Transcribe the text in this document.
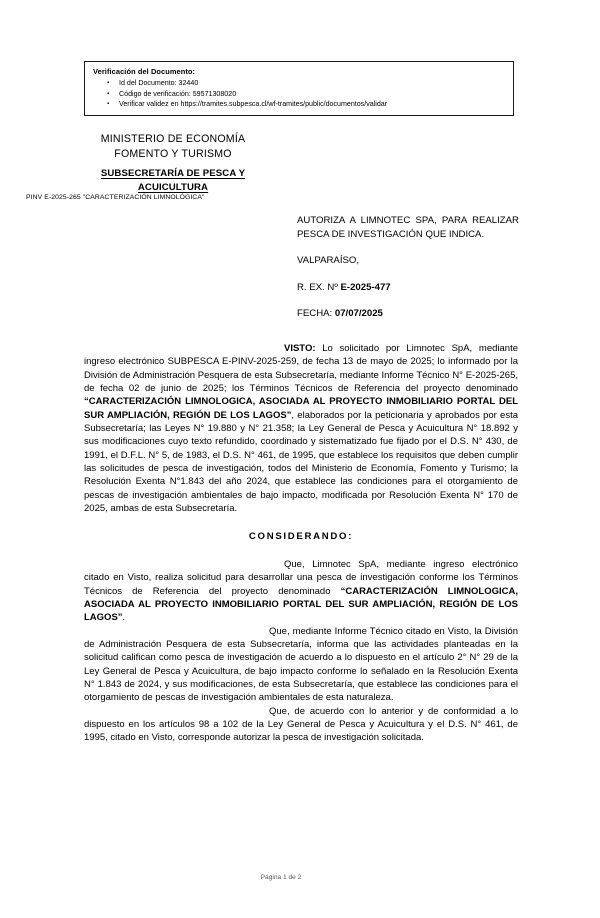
Verificación del Documento:
▪ Id del Documento: 32440
▪ Código de verificación: 59571308020
▪ Verificar validez en https://tramites.subpesca.cl/wf-tramites/public/documentos/validar
MINISTERIO DE ECONOMÍA
FOMENTO Y TURISMO
SUBSECRETARÍA DE PESCA Y
ACUICULTURA
PINV E-2025-265 "CARACTERIZACIÓN LIMNOLÓGICA"
AUTORIZA A LIMNOTEC SPA, PARA REALIZAR PESCA DE INVESTIGACIÓN QUE INDICA.
VALPARAÍSO,
R. EX. Nº E-2025-477
FECHA: 07/07/2025

VISTO: Lo solicitado por Limnotec SpA, mediante ingreso electrónico SUBPESCA E-PINV-2025-259, de fecha 13 de mayo de 2025; lo informado por la División de Administración Pesquera de esta Subsecretaría, mediante Informe Técnico N° E-2025-265, de fecha 02 de junio de 2025; los Términos Técnicos de Referencia del proyecto denominado “CARACTERIZACIÓN LIMNOLOGICA, ASOCIADA AL PROYECTO INMOBILIARIO PORTAL DEL SUR AMPLIACIÓN, REGIÓN DE LOS LAGOS”, elaborados por la peticionaria y aprobados por esta Subsecretaría; las Leyes N° 19.880 y N° 21.358; la Ley General de Pesca y Acuicultura N° 18.892 y sus modificaciones cuyo texto refundido, coordinado y sistematizado fue fijado por el D.S. N° 430, de 1991, el D.F.L. N° 5, de 1983, el D.S. N° 461, de 1995, que establece los requisitos que deben cumplir las solicitudes de pesca de investigación, todos del Ministerio de Economía, Fomento y Turismo; la Resolución Exenta N°1.843 del año 2024, que establece las condiciones para el otorgamiento de pescas de investigación ambientales de bajo impacto, modificada por Resolución Exenta N° 170 de 2025, ambas de esta Subsecretaría.

CONSIDERANDO:

Que, Limnotec SpA, mediante ingreso electrónico citado en Visto, realiza solicitud para desarrollar una pesca de investigación conforme los Términos Técnicos de Referencia del proyecto denominado “CARACTERIZACIÓN LIMNOLOGICA, ASOCIADA AL PROYECTO INMOBILIARIO PORTAL DEL SUR AMPLIACIÓN, REGIÓN DE LOS LAGOS”.

Que, mediante Informe Técnico citado en Visto, la División de Administración Pesquera de esta Subsecretaría, informa que las actividades planteadas en la solicitud califican como pesca de investigación de acuerdo a lo dispuesto en el artículo 2° N° 29 de la Ley General de Pesca y Acuicultura, de bajo impacto conforme lo señalado en la Resolución Exenta N° 1.843 de 2024, y sus modificaciones, de esta Subsecretaría, que establece las condiciones para el otorgamiento de pescas de investigación ambientales de esta naturaleza.

Que, de acuerdo con lo anterior y de conformidad a lo dispuesto en los artículos 98 a 102 de la Ley General de Pesca y Acuicultura y el D.S. N° 461, de 1995, citado en Visto, corresponde autorizar la pesca de investigación solicitada.

Página 1 de 2
